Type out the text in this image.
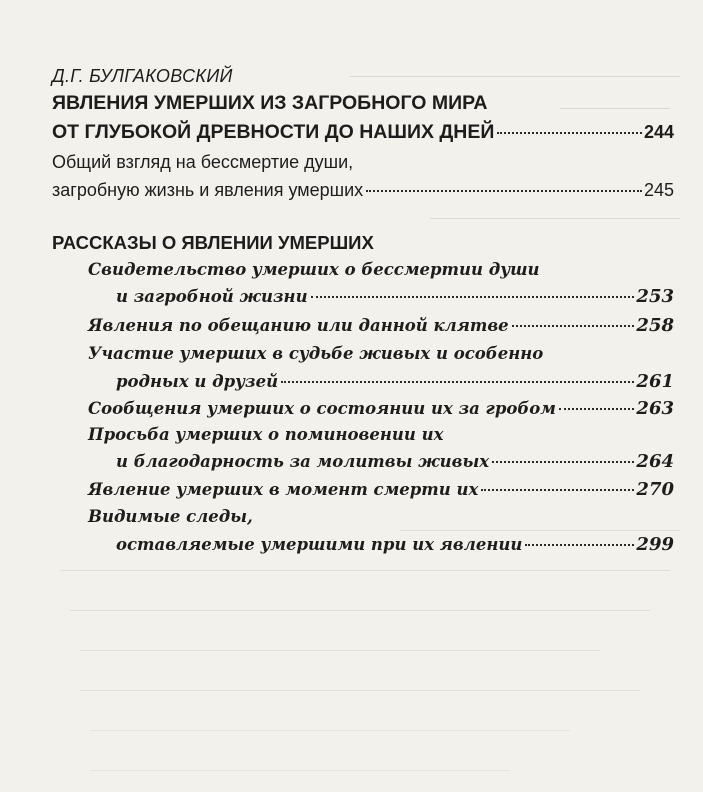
Д.Г. БУЛГАКОВСКИЙ
ЯВЛЕНИЯ УМЕРШИХ ИЗ ЗАГРОБНОГО МИРА
ОТ ГЛУБОКОЙ ДРЕВНОСТИ ДО НАШИХ ДНЕЙ	244
Общий взгляд на бессмертие души,
загробную жизнь и явления умерших	245
РАССКАЗЫ О ЯВЛЕНИИ УМЕРШИХ
Свидетельство умерших о бессмертии души
и загробной жизни	253
Явления по обещанию или данной клятве	258
Участие умерших в судьбе живых и особенно
родных и друзей	261
Сообщения умерших о состоянии их за гробом	263
Просьба умерших о поминовении их
и благодарность за молитвы живых	264
Явление умерших в момент смерти их	270
Видимые следы,
оставляемые умершими при их явлении	299
